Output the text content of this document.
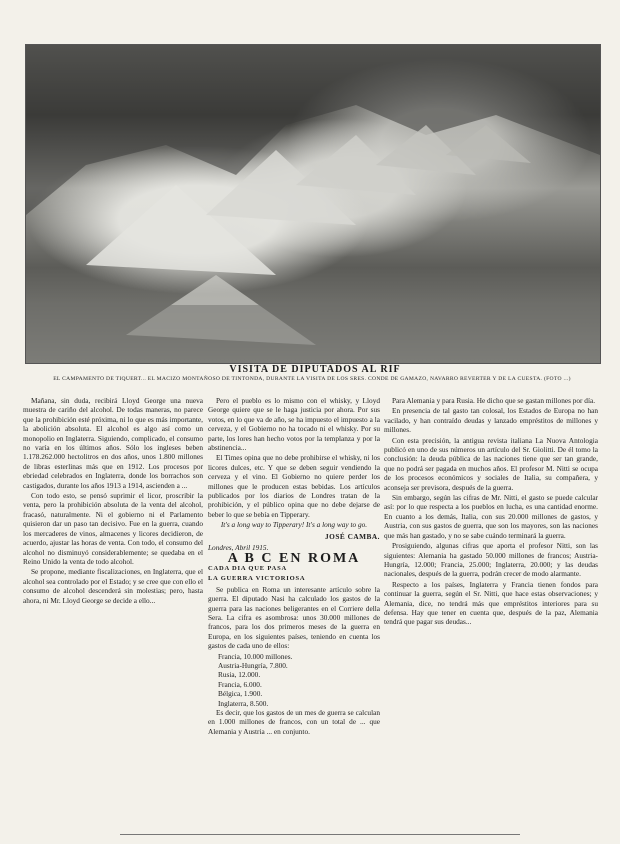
VISITA DE DIPUTADOS AL RIF
EL CAMPAMENTO DE TIQUERT... EL MACIZO MONTAÑOSO DE TINTONDA, DURANTE LA VISITA DE LOS SRES. CONDE DE GAMAZO, NAVARRO REVERTER Y DE LA CUESTA. (FOTO ...)

Mañana, sin duda, recibirá Lloyd George una nueva muestra de cariño del alcohol. De todas maneras, no parece que la prohibición esté próxima, ni lo que es más importante, la abolición absoluta. El alcohol es algo así como un monopolio en Inglaterra. Siguiendo, complicado, el consumo no varía en los últimos años. Sólo los ingleses beben 1.178.262.000 hectolitros en dos años, unos 1.800 millones de libras esterlinas más que en 1912. Los procesos por ebriedad celebrados en Inglaterra, donde los borrachos son castigados, durante los años 1913 a 1914, ascienden a ...

Con todo esto, se pensó suprimir el licor, proscribir la venta, pero la prohibición absoluta de la venta del alcohol, fracasó, naturalmente. Ni el gobierno ni el Parlamento quisieron dar un paso tan decisivo. Fue en la guerra, cuando los mercaderes de vinos, almacenes y licores decidieron, de acuerdo, ajustar las horas de venta. Con todo, el consumo del alcohol no disminuyó considerablemente; se quedaba en el Reino Unido la venta de todo alcohol.

Se propone, mediante fiscalizaciones, en Inglaterra, que el alcohol sea controlado por el Estado; y se cree que con ello el consumo de alcohol descenderá sin molestias; pero, hasta ahora, ni Mr. Lloyd George se decide a ello...

Pero el pueblo es lo mismo con el whisky, y Lloyd George quiere que se le haga justicia por ahora. Por sus votos, en lo que va de año, se ha impuesto el impuesto a la cerveza, y el Gobierno no ha tocado ni el whisky. Por su parte, los lores han hecho votos por la templanza y por la abstinencia...

El Times opina que no debe prohibirse el whisky, ni los licores dulces, etc. Y que se deben seguir vendiendo la cerveza y el vino. El Gobierno no quiere perder los millones que le producen estas bebidas. Los artículos publicados por los diarios de Londres tratan de la prohibición, y el público opina que no debe dejarse de beber lo que se bebía en Tipperary.

It's a long way to Tipperary! It's a long way to go.

JOSÉ CAMBA.

Londres, Abril 1915.

A B C EN ROMA

CADA DIA QUE PASA

LA GUERRA VICTORIOSA

Se publica en Roma un interesante artículo sobre la guerra. El diputado Nasi ha calculado los gastos de la guerra para las naciones beligerantes en el Corriere della Sera. La cifra es asombrosa: unos 30.000 millones de francos, para los dos primeros meses de la guerra en Europa, en los siguientes países, teniendo en cuenta los gastos de cada uno de ellos:

Francia, 10.000 millones.

Austria-Hungría, 7.800.

Rusia, 12.000.

Francia, 6.000.

Bélgica, 1.900.

Inglaterra, 8.500.

Es decir, que los gastos de un mes de guerra se calculan en 1.000 millones de francos, con un total de ... que Alemania y Austria ... en conjunto.

Para Alemania y para Rusia. He dicho que se gastan millones por día.

En presencia de tal gasto tan colosal, los Estados de Europa no han vacilado, y han contraído deudas y lanzado empréstitos de millones y millones.

Con esta precisión, la antigua revista italiana La Nuova Antologia publicó en uno de sus números un artículo del Sr. Giolitti. De él tomo la conclusión: la deuda pública de las naciones tiene que ser tan grande, que no podrá ser pagada en muchos años. El profesor M. Nitti se ocupa de los procesos económicos y sociales de Italia, su compañera, y aconseja ser previsora, después de la guerra.

Sin embargo, según las cifras de Mr. Nitti, el gasto se puede calcular así: por lo que respecta a los pueblos en lucha, es una cantidad enorme. En cuanto a los demás, Italia, con sus 20.000 millones de gastos, y Austria, con sus gastos de guerra, que son los mayores, son las naciones que más han gastado, y no se sabe cuándo terminará la guerra.

Prosiguiendo, algunas cifras que aporta el profesor Nitti, son las siguientes: Alemania ha gastado 50.000 millones de francos; Austria-Hungría, 12.000; Francia, 25.000; Inglaterra, 20.000; y las deudas nacionales, después de la guerra, podrán crecer de modo alarmante.

Respecto a los países, Inglaterra y Francia tienen fondos para continuar la guerra, según el Sr. Nitti, que hace estas observaciones; y Alemania, dice, no tendrá más que empréstitos interiores para su defensa. Hay que tener en cuenta que, después de la paz, Alemania tendrá que pagar sus deudas...
